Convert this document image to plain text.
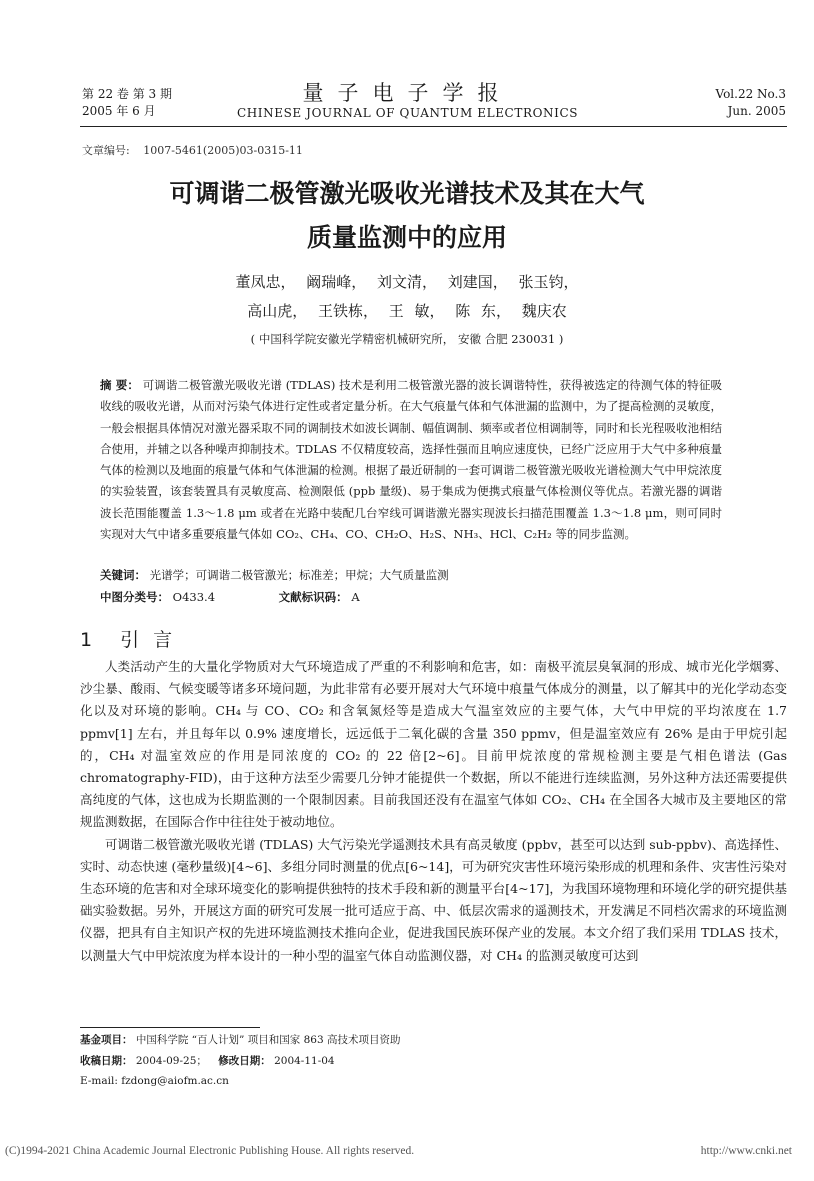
第 22 卷 第 3 期
2005 年 6 月
量子电子学报
CHINESE JOURNAL OF QUANTUM ELECTRONICS
Vol.22 No.3
Jun. 2005
文章编号: 1007-5461(2005)03-0315-11
可调谐二极管激光吸收光谱技术及其在大气
质量监测中的应用
董凤忠， 阚瑞峰， 刘文清， 刘建国， 张玉钧，
高山虎， 王铁栋， 王 敏， 陈 东， 魏庆农
( 中国科学院安徽光学精密机械研究所， 安徽 合肥 230031 )
摘 要： 可调谐二极管激光吸收光谱 (TDLAS) 技术是利用二极管激光器的波长调谐特性，获得被选定的待测气体的特征吸收线的吸收光谱，从而对污染气体进行定性或者定量分析。在大气痕量气体和气体泄漏的监测中，为了提高检测的灵敏度，一般会根据具体情况对激光器采取不同的调制技术如波长调制、幅值调制、频率或者位相调制等，同时和长光程吸收池相结合使用，并辅之以各种噪声抑制技术。TDLAS 不仅精度较高，选择性强而且响应速度快，已经广泛应用于大气中多种痕量气体的检测以及地面的痕量气体和气体泄漏的检测。根据了最近研制的一套可调谐二极管激光吸收光谱检测大气中甲烷浓度的实验装置，该套装置具有灵敏度高、检测限低 (ppb 量级)、易于集成为便携式痕量气体检测仪等优点。若激光器的调谐波长范围能覆盖 1.3～1.8 μm 或者在光路中装配几台窄线可调谐激光器实现波长扫描范围覆盖 1.3～1.8 μm，则可同时实现对大气中诸多重要痕量气体如 CO₂、CH₄、CO、CH₂O、H₂S、NH₃、HCl、C₂H₂ 等的同步监测。
关键词： 光谱学；可调谐二极管激光；标准差；甲烷；大气质量监测
中图分类号： O433.4	文献标识码： A
1 引 言

人类活动产生的大量化学物质对大气环境造成了严重的不利影响和危害，如：南极平流层臭氧洞的形成、城市光化学烟雾、沙尘暴、酸雨、气候变暖等诸多环境问题，为此非常有必要开展对大气环境中痕量气体成分的测量，以了解其中的光化学动态变化以及对环境的影响。CH₄ 与 CO、CO₂ 和含氧氮烃等是造成大气温室效应的主要气体，大气中甲烷的平均浓度在 1.7 ppmv[1] 左右，并且每年以 0.9% 速度增长，远远低于二氧化碳的含量 350 ppmv，但是温室效应有 26% 是由于甲烷引起的，CH₄ 对温室效应的作用是同浓度的 CO₂ 的 22 倍[2~6]。目前甲烷浓度的常规检测主要是气相色谱法 (Gas chromatography-FID)，由于这种方法至少需要几分钟才能提供一个数据，所以不能进行连续监测，另外这种方法还需要提供高纯度的气体，这也成为长期监测的一个限制因素。目前我国还没有在温室气体如 CO₂、CH₄ 在全国各大城市及主要地区的常规监测数据，在国际合作中往往处于被动地位。

可调谐二极管激光吸收光谱 (TDLAS) 大气污染光学遥测技术具有高灵敏度 (ppbv，甚至可以达到 sub-ppbv)、高选择性、实时、动态快速 (毫秒量级)[4~6]、多组分同时测量的优点[6~14]，可为研究灾害性环境污染形成的机理和条件、灾害性污染对生态环境的危害和对全球环境变化的影响提供独特的技术手段和新的测量平台[4~17]，为我国环境物理和环境化学的研究提供基础实验数据。另外，开展这方面的研究可发展一批可适应于高、中、低层次需求的遥测技术，开发满足不同档次需求的环境监测仪器，把具有自主知识产权的先进环境监测技术推向企业，促进我国民族环保产业的发展。本文介绍了我们采用 TDLAS 技术，以测量大气中甲烷浓度为样本设计的一种小型的温室气体自动监测仪器，对 CH₄ 的监测灵敏度可达到

基金项目： 中国科学院 “百人计划” 项目和国家 863 高技术项目资助
收稿日期： 2004-09-25； 修改日期： 2004-11-04
E-mail: fzdong@aiofm.ac.cn
(C)1994-2021 China Academic Journal Electronic Publishing House. All rights reserved.	http://www.cnki.net
